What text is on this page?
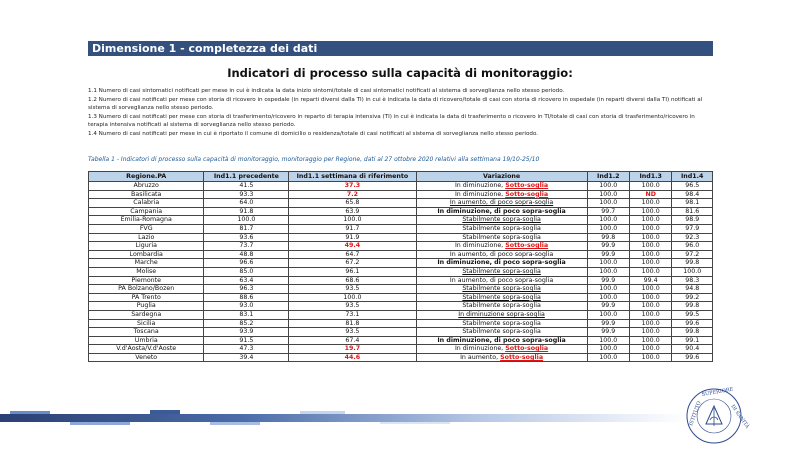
Dimensione 1 - completezza dei dati
Indicatori di processo sulla capacità di monitoraggio:

1.1 Numero di casi sintomatici notificati per mese in cui è indicata la data inizio sintomi/totale di casi sintomatici notificati al sistema di sorveglianza nello stesso periodo.

1.2 Numero di casi notificati per mese con storia di ricovero in ospedale (in reparti diversi dalla TI) in cui è indicata la data di ricovero/totale di casi con storia di ricovero in ospedale (in reparti diversi dalla TI) notificati al sistema di sorveglianza nello stesso periodo.

1.3 Numero di casi notificati per mese con storia di trasferimento/ricovero in reparto di terapia intensiva (TI) in cui è indicata la data di trasferimento o ricovero in TI/totale di casi con storia di trasferimento/ricovero in terapia intensiva notificati al sistema di sorveglianza nello stesso periodo.

1.4 Numero di casi notificati per mese in cui è riportato il comune di domicilio o residenza/totale di casi notificati al sistema di sorveglianza nello stesso periodo.

Tabella 1 - Indicatori di processo sulla capacità di monitoraggio, monitoraggio per Regione, dati al 27 ottobre 2020 relativi alla settimana 19/10-25/10
Regione.PA	Ind1.1 precedente	Ind1.1 settimana di riferimento	Variazione	Ind1.2	Ind1.3	Ind1.4
Abruzzo	41.5	37.3	In diminuzione, Sotto-soglia	100.0	100.0	96.5
Basilicata	93.3	7.2	In diminuzione, Sotto-soglia	100.0	ND	98.4
Calabria	64.0	65.8	In aumento, di poco sopra-soglia	100.0	100.0	98.1
Campania	91.8	63.9	In diminuzione, di poco sopra-soglia	99.7	100.0	81.6
Emilia-Romagna	100.0	100.0	Stabilmente sopra-soglia	100.0	100.0	98.9
FVG	81.7	91.7	Stabilmente sopra-soglia	100.0	100.0	97.9
Lazio	93.6	91.9	Stabilmente sopra-soglia	99.8	100.0	92.3
Liguria	73.7	49.4	In diminuzione, Sotto-soglia	99.9	100.0	96.0
Lombardia	48.8	64.7	In aumento, di poco sopra-soglia	99.9	100.0	97.2
Marche	96.6	67.2	In diminuzione, di poco sopra-soglia	100.0	100.0	99.8
Molise	85.0	96.1	Stabilmente sopra-soglia	100.0	100.0	100.0
Piemonte	63.4	68.6	In aumento, di poco sopra-soglia	99.9	99.4	98.3
PA Bolzano/Bozen	96.3	93.5	Stabilmente sopra-soglia	100.0	100.0	94.8
PA Trento	88.6	100.0	Stabilmente sopra-soglia	100.0	100.0	99.2
Puglia	93.0	93.5	Stabilmente sopra-soglia	99.9	100.0	99.8
Sardegna	83.1	73.1	In diminuzione sopra-soglia	100.0	100.0	99.5
Sicilia	85.2	81.8	Stabilmente sopra-soglia	99.9	100.0	99.6
Toscana	93.9	93.5	Stabilmente sopra-soglia	99.9	100.0	99.8
Umbria	91.5	67.4	In diminuzione, di poco sopra-soglia	100.0	100.0	99.1
V.d'Aosta/V.d'Aoste	47.3	19.7	In diminuzione, Sotto-soglia	100.0	100.0	90.4
Veneto	39.4	44.6	In aumento, Sotto-soglia	100.0	100.0	99.6
ISTITUTO
SUPERIORE
DI SANITÀ
